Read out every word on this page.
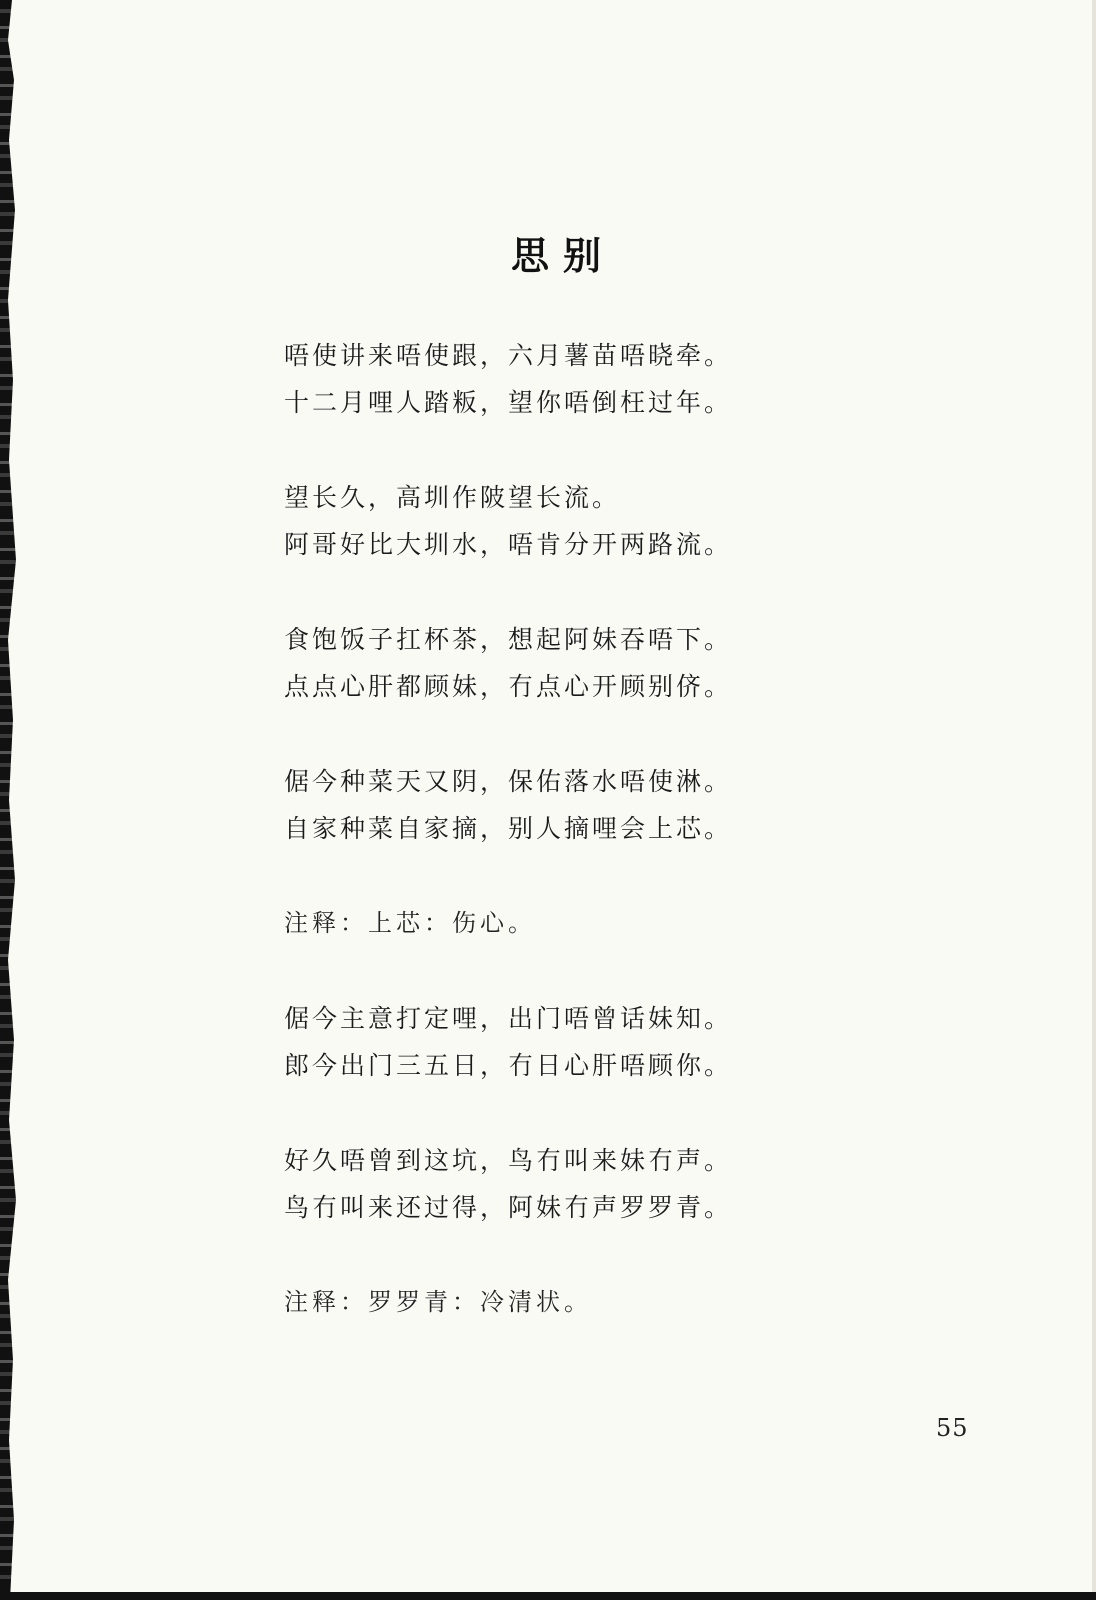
思别
唔使讲来唔使跟，六月薯苗唔晓牵。
十二月哩人踏粄，望你唔倒枉过年。
望长久，高圳作陂望长流。
阿哥好比大圳水，唔肯分开两路流。
食饱饭子扛杯茶，想起阿妹吞唔下。
点点心肝都顾妹，冇点心开顾别侪。
倨今种菜天又阴，保佑落水唔使淋。
自家种菜自家摘，别人摘哩会上芯。
注释：上芯：伤心。
倨今主意打定哩，出门唔曾话妹知。
郎今出门三五日，冇日心肝唔顾你。
好久唔曾到这坑，鸟冇叫来妹冇声。
鸟冇叫来还过得，阿妹冇声罗罗青。
注释：罗罗青：冷清状。
55
